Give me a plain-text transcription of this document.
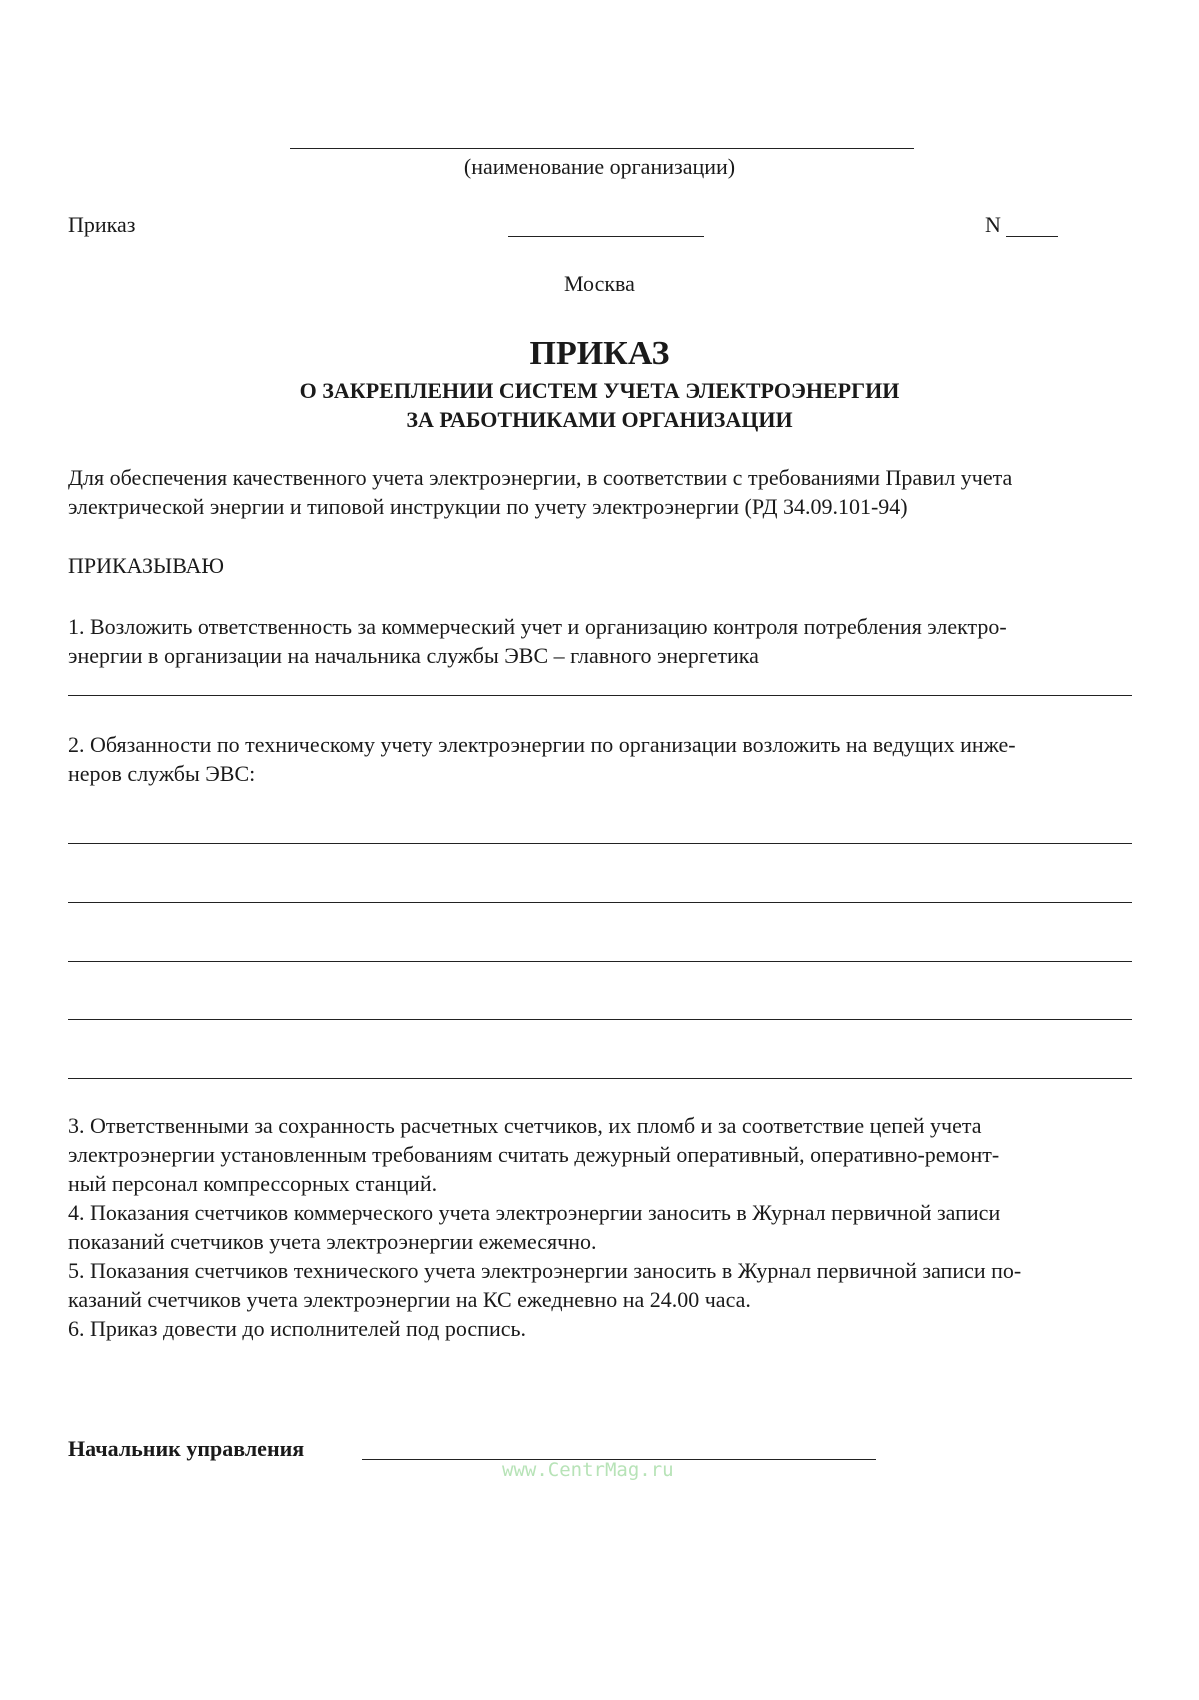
(наименование организации)
Приказ	N
Москва
ПРИКАЗ
О ЗАКРЕПЛЕНИИ СИСТЕМ УЧЕТА ЭЛЕКТРОЭНЕРГИИ
ЗА РАБОТНИКАМИ ОРГАНИЗАЦИИ
Для обеспечения качественного учета электроэнергии, в соответствии с требованиями Правил учета
электрической энергии и типовой инструкции по учету электроэнергии (РД 34.09.101-94)
ПРИКАЗЫВАЮ
1. Возложить ответственность за коммерческий учет и организацию контроля потребления электро-
энергии в организации на начальника службы ЭВС – главного энергетика
2. Обязанности по техническому учету электроэнергии по организации возложить на ведущих инже-
неров службы ЭВС:
3. Ответственными за сохранность расчетных счетчиков, их пломб и за соответствие цепей учета
электроэнергии установленным требованиям считать дежурный оперативный, оперативно-ремонт-
ный персонал компрессорных станций.
4. Показания счетчиков коммерческого учета электроэнергии заносить в Журнал первичной записи
показаний счетчиков учета электроэнергии ежемесячно.
5. Показания счетчиков технического учета электроэнергии заносить в Журнал первичной записи по-
казаний счетчиков учета электроэнергии на КС ежедневно на 24.00 часа.
6. Приказ довести до исполнителей под роспись.
Начальник управления
www.CentrMag.ru
